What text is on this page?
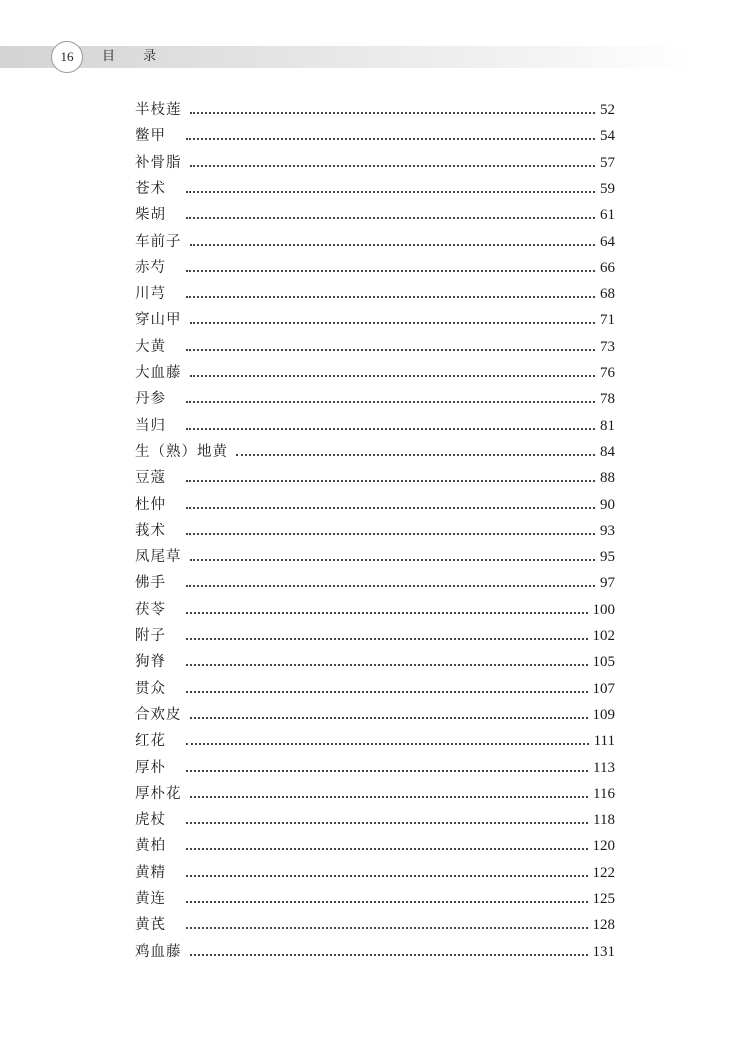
16	目 录
半枝莲	52
鳖甲	54
补骨脂	57
苍术	59
柴胡	61
车前子	64
赤芍	66
川芎	68
穿山甲	71
大黄	73
大血藤	76
丹参	78
当归	81
生（熟）地黄	84
豆蔻	88
杜仲	90
莪术	93
凤尾草	95
佛手	97
茯苓	100
附子	102
狗脊	105
贯众	107
合欢皮	109
红花	111
厚朴	113
厚朴花	116
虎杖	118
黄柏	120
黄精	122
黄连	125
黄芪	128
鸡血藤	131
